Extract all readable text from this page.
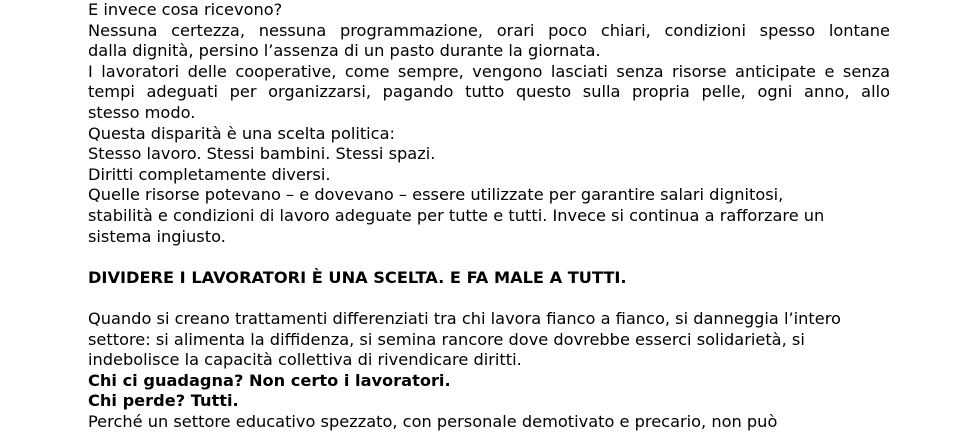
E invece cosa ricevono?
Nessuna certezza, nessuna programmazione, orari poco chiari, condizioni spesso lontane
dalla dignità, persino l’assenza di un pasto durante la giornata.
I lavoratori delle cooperative, come sempre, vengono lasciati senza risorse anticipate e senza
tempi adeguati per organizzarsi, pagando tutto questo sulla propria pelle, ogni anno, allo
stesso modo.
Questa disparità è una scelta politica:
Stesso lavoro. Stessi bambini. Stessi spazi.
Diritti completamente diversi.
Quelle risorse potevano – e dovevano – essere utilizzate per garantire salari dignitosi,
stabilità e condizioni di lavoro adeguate per tutte e tutti. Invece si continua a rafforzare un
sistema ingiusto.
DIVIDERE I LAVORATORI È UNA SCELTA. E FA MALE A TUTTI.
Quando si creano trattamenti differenziati tra chi lavora fianco a fianco, si danneggia l’intero
settore: si alimenta la diffidenza, si semina rancore dove dovrebbe esserci solidarietà, si
indebolisce la capacità collettiva di rivendicare diritti.
Chi ci guadagna? Non certo i lavoratori.
Chi perde? Tutti.
Perché un settore educativo spezzato, con personale demotivato e precario, non può
